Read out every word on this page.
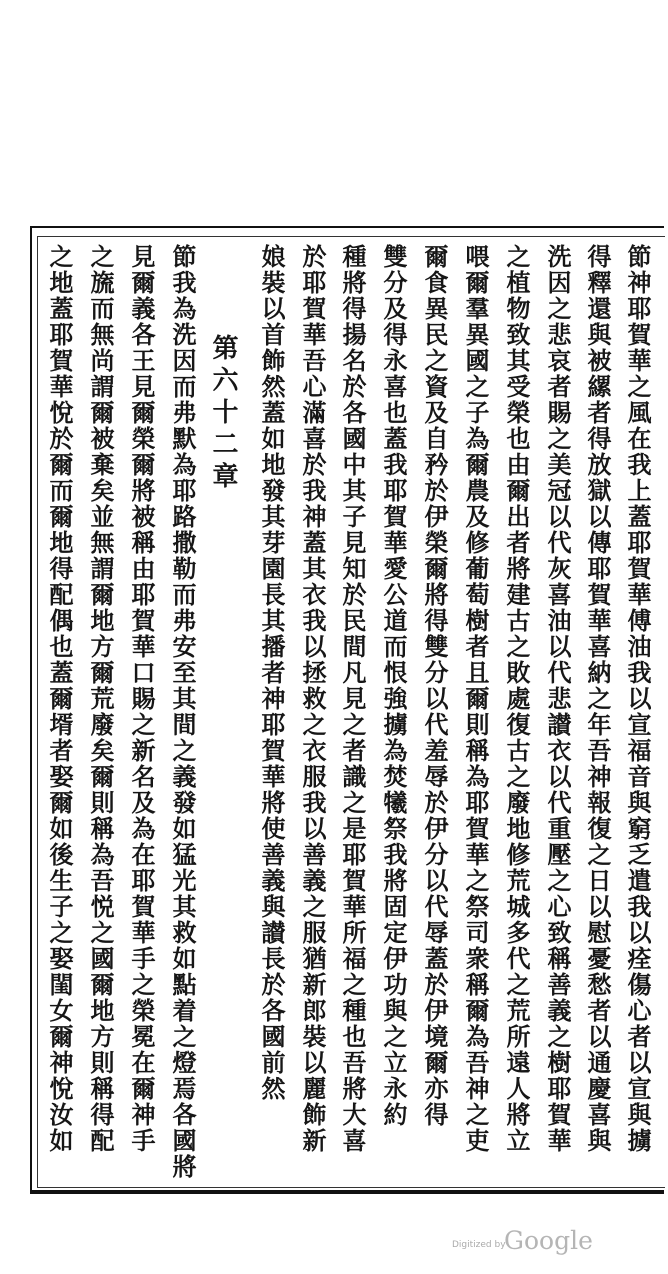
節神耶賀華之風在我上蓋耶賀華傅油我以宣福音與窮乏遣我以痊傷心者以宣與擄
得釋還與被縲者得放獄以傳耶賀華喜納之年吾神報復之日以慰憂愁者以通慶喜與
洗因之悲哀者賜之美冠以代灰喜油以代悲讃衣以代重壓之心致稱善義之樹耶賀華
之植物致其受榮也由爾出者將建古之敗處復古之廢地修荒城多代之荒所遠人將立
喂爾羣異國之子為爾農及修葡萄樹者且爾則稱為耶賀華之祭司衆稱爾為吾神之吏
爾食異民之資及自矜於伊榮爾將得雙分以代羞辱於伊分以代辱蓋於伊境爾亦得
雙分及得永喜也蓋我耶賀華愛公道而恨強擄為焚犧祭我將固定伊功與之立永約
種將得揚名於各國中其子見知於民間凡見之者識之是耶賀華所福之種也吾將大喜
於耶賀華吾心滿喜於我神蓋其衣我以拯救之衣服我以善義之服猶新郎裝以麗飾新
娘裝以首飾然蓋如地發其芽園長其播者神耶賀華將使善義與讃長於各國前然
第六十二章
節我為洗因而弗默為耶路撒勒而弗安至其間之義發如猛光其救如點着之燈焉各國將
見爾義各王見爾榮爾將被稱由耶賀華口賜之新名及為在耶賀華手之榮冕在爾神手
之旒而無尚謂爾被棄矣並無謂爾地方爾荒廢矣爾則稱為吾悦之國爾地方則稱得配
之地蓋耶賀華悅於爾而爾地得配偶也蓋爾壻者娶爾如後生子之娶閨女爾神悅汝如
Digitized by
Google
